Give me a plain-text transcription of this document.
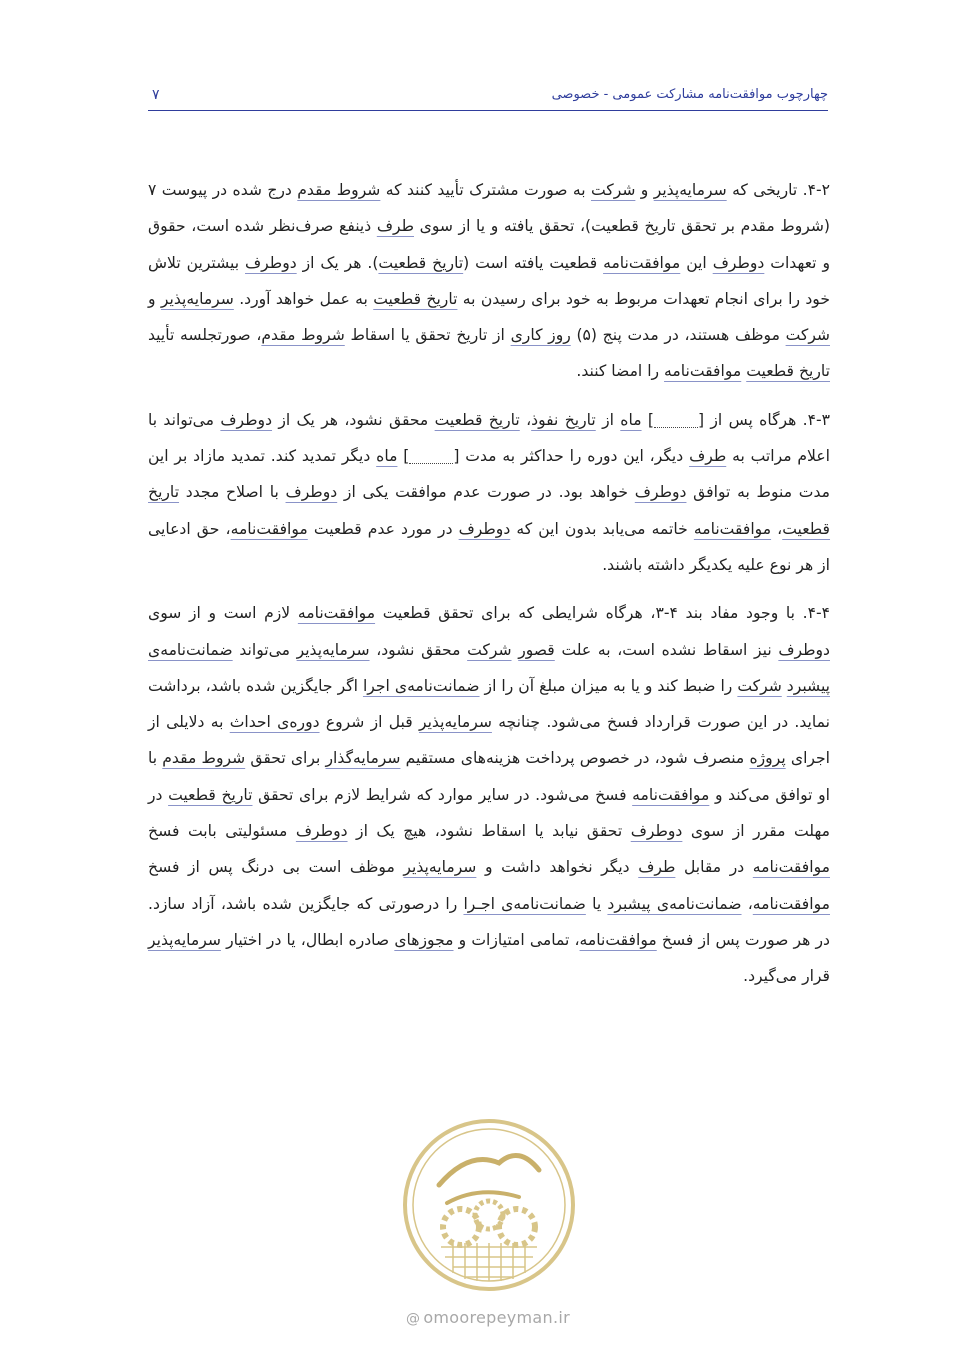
چهارچوب موافقت‌نامه مشارکت عمومی - خصوصی
۷

۴-۲. تاریخی که سرمایه‌پذیر و شرکت به صورت مشترک تأیید کنند که شروط مقدم درج شده در پیوست ۷ (شروط مقدم بر تحقق تاریخ قطعیت)، تحقق یافته و یا از سوی طرف ذینفع صرف‌نظر شده است، حقوق و تعهدات دوطرف این موافقت‌نامه قطعیت یافته است (تاریخ قطعیت). هر یک از دوطرف بیشترین تلاش خود را برای انجام تعهدات مربوط به خود برای رسیدن به تاریخ قطعیت به عمل خواهد آورد. سرمایه‌پذیر و شرکت موظف هستند، در مدت پنج (۵) روز کاری از تاریخ تحقق یا اسقاط شروط مقدم، صورتجلسه تأیید تاریخ قطعیت موافقت‌نامه را امضا کنند.

۴-۳. هرگاه پس از [] ماه از تاریخ نفوذ، تاریخ قطعیت محقق نشود، هر یک از دوطرف می‌تواند با اعلام مراتب به طرف دیگر، این دوره را حداکثر به مدت [] ماه دیگر تمدید کند. تمدید مازاد بر این مدت منوط به توافق دوطرف خواهد بود. در صورت عدم موافقت یکی از دوطرف با اصلاح مجدد تاریخ قطعیت، موافقت‌نامه خاتمه می‌یابد بدون این که دوطرف در مورد عدم قطعیت موافقت‌نامه، حق ادعایی از هر نوع علیه یکدیگر داشته باشند.

۴-۴. با وجود مفاد بند ۴-۳، هرگاه شرایطی که برای تحقق قطعیت موافقت‌نامه لازم است و از سوی دوطرف نیز اسقاط نشده است، به علت قصور شرکت محقق نشود، سرمایه‌پذیر می‌تواند ضمانت‌نامه‌ی پیشبرد شرکت را ضبط کند و یا به میزان مبلغ آن را از ضمانت‌نامه‌ی اجرا اگر جایگزین شده باشد، برداشت نماید. در این صورت قرارداد فسخ می‌شود. چنانچه سرمایه‌پذیر قبل از شروع دوره‌ی احداث به دلایلی از اجرای پروژه منصرف شود، در خصوص پرداخت هزینه‌های مستقیم سرمایه‌گذار برای تحقق شروط مقدم با او توافق می‌کند و موافقت‌نامه فسخ می‌شود. در سایر موارد که شرایط لازم برای تحقق تاریخ قطعیت در مهلت مقرر از سوی دوطرف تحقق نیابد یا اسقاط نشود، هیچ یک از دوطرف مسئولیتی بابت فسخ موافقت‌نامه در مقابل طرف دیگر نخواهد داشت و سرمایه‌پذیر موظف است بی درنگ پس از فسخ موافقت‌نامه، ضمانت‌نامه‌ی پیشبرد یا ضمانت‌نامه‌ی اجـرا را درصورتی که جایگزین شده باشد، آزاد سازد. در هر صورت پس از فسخ موافقت‌نامه، تمامی امتیازات و مجوزهای صادره ابطال، یا در اختیار سرمایه‌پذیر قرار می‌گیرد.

@ omoorepeyman.ir
